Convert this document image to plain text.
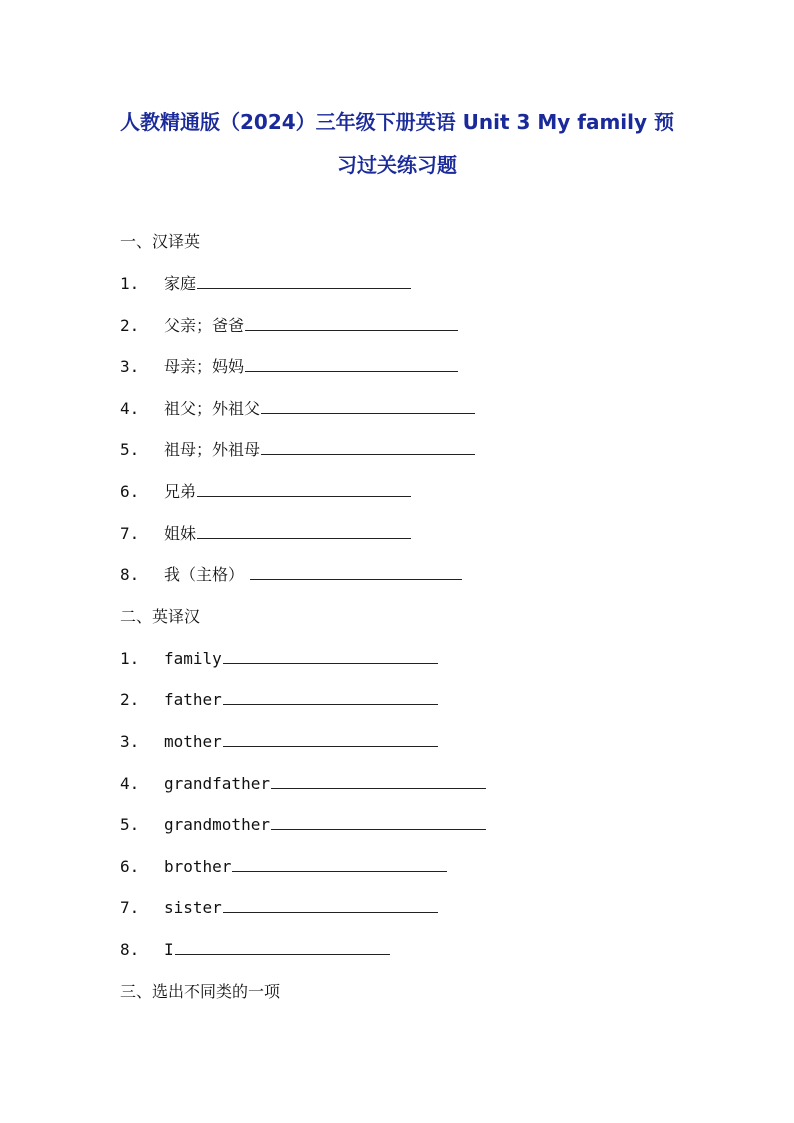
人教精通版（2024）三年级下册英语 Unit 3 My family 预
习过关练习题
一、汉译英
1. 家庭
2. 父亲；爸爸
3. 母亲；妈妈
4. 祖父；外祖父
5. 祖母；外祖母
6. 兄弟
7. 姐妹
8. 我（主格）
二、英译汉
1. family
2. father
3. mother
4. grandfather
5. grandmother
6. brother
7. sister
8. I
三、选出不同类的一项
